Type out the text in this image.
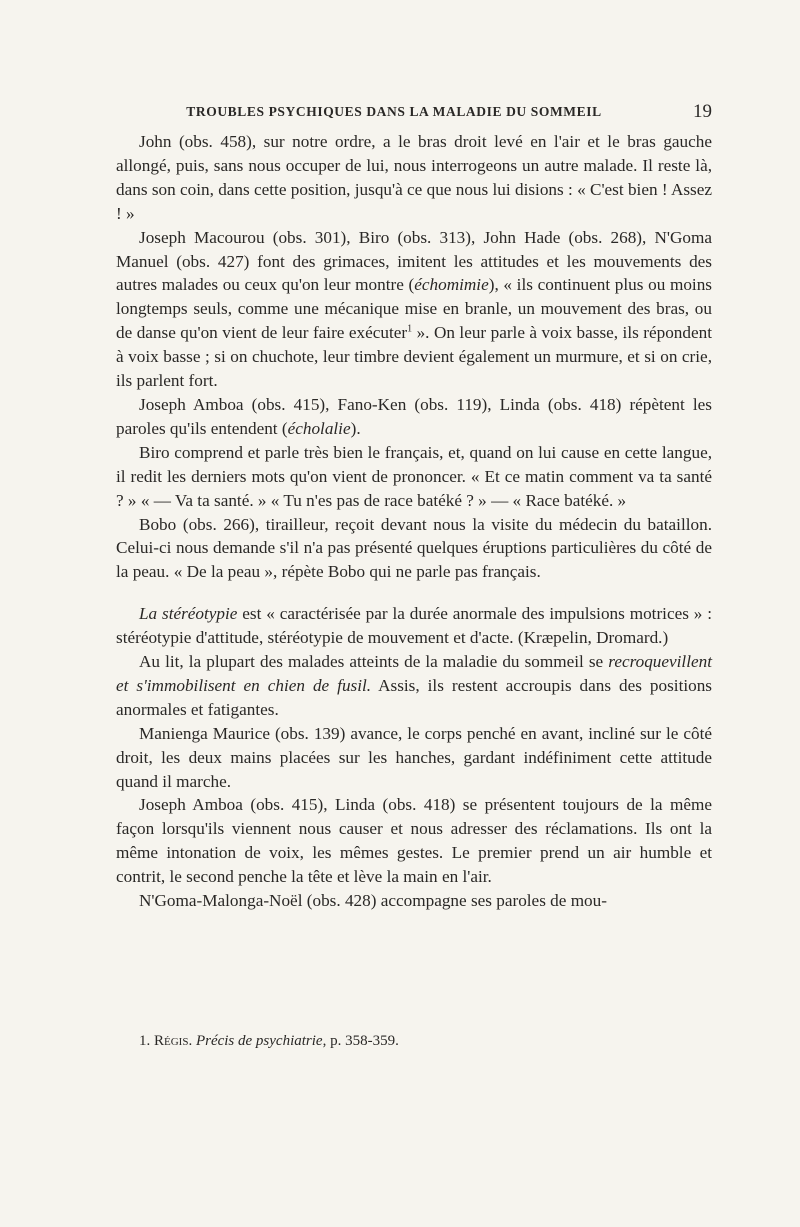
TROUBLES PSYCHIQUES DANS LA MALADIE DU SOMMEIL	19

John (obs. 458), sur notre ordre, a le bras droit levé en l'air et le bras gauche allongé, puis, sans nous occuper de lui, nous interrogeons un autre malade. Il reste là, dans son coin, dans cette position, jusqu'à ce que nous lui disions : « C'est bien ! Assez ! »

Joseph Macourou (obs. 301), Biro (obs. 313), John Hade (obs. 268), N'Goma Manuel (obs. 427) font des grimaces, imitent les attitudes et les mouvements des autres malades ou ceux qu'on leur montre (échomimie), « ils continuent plus ou moins longtemps seuls, comme une mécanique mise en branle, un mouvement des bras, ou de danse qu'on vient de leur faire exécuter$^1$ ». On leur parle à voix basse, ils répondent à voix basse ; si on chuchote, leur timbre devient également un murmure, et si on crie, ils parlent fort.

Joseph Amboa (obs. 415), Fano-Ken (obs. 119), Linda (obs. 418) répètent les paroles qu'ils entendent (écholalie).

Biro comprend et parle très bien le français, et, quand on lui cause en cette langue, il redit les derniers mots qu'on vient de prononcer. « Et ce matin comment va ta santé ? » « — Va ta santé. » « Tu n'es pas de race batéké ? » — « Race batéké. »

Bobo (obs. 266), tirailleur, reçoit devant nous la visite du médecin du bataillon. Celui-ci nous demande s'il n'a pas présenté quelques éruptions particulières du côté de la peau. « De la peau », répète Bobo qui ne parle pas français.

La stéréotypie est « caractérisée par la durée anormale des impulsions motrices » : stéréotypie d'attitude, stéréotypie de mouvement et d'acte. (Kræpelin, Dromard.)

Au lit, la plupart des malades atteints de la maladie du sommeil se recroquevillent et s'immobilisent en chien de fusil. Assis, ils restent accroupis dans des positions anormales et fatigantes.

Manienga Maurice (obs. 139) avance, le corps penché en avant, incliné sur le côté droit, les deux mains placées sur les hanches, gardant indéfiniment cette attitude quand il marche.

Joseph Amboa (obs. 415), Linda (obs. 418) se présentent toujours de la même façon lorsqu'ils viennent nous causer et nous adresser des réclamations. Ils ont la même intonation de voix, les mêmes gestes. Le premier prend un air humble et contrit, le second penche la tête et lève la main en l'air.

N'Goma-Malonga-Noël (obs. 428) accompagne ses paroles de mou-

1. Régis. Précis de psychiatrie, p. 358-359.
